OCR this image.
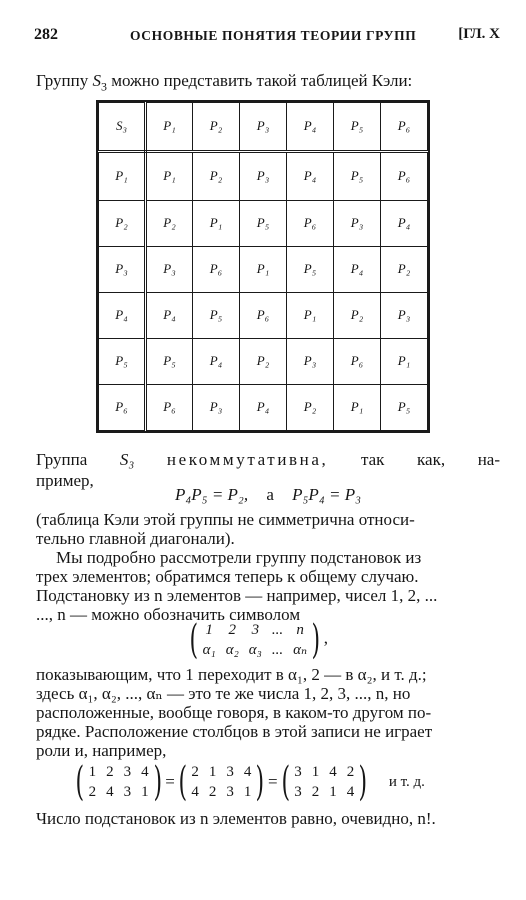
282	ОСНОВНЫЕ ПОНЯТИЯ ТЕОРИИ ГРУПП	[ГЛ. Х
Группу $S_3$ можно представить такой таблицей Кэли:
S₃	P₁	P₂	P₃	P₄	P₅	P₆
P₁	P₁	P₂	P₃	P₄	P₅	P₆
P₂	P₂	P₁	P₅	P₆	P₃	P₄
P₃	P₃	P₆	P₁	P₅	P₄	P₂
P₄	P₄	P₅	P₆	P₁	P₂	P₃
P₅	P₅	P₄	P₂	P₃	P₆	P₁
P₆	P₆	P₃	P₄	P₂	P₁	P₅
Группа S₃ некоммутативна, так как, на-
пример,
P₄P₅ = P₂, а P₅P₄ = P₃
(таблица Кэли этой группы не симметрична относи-
тельно главной диагонали).
Мы подробно рассмотрели группу подстановок из
трех элементов; обратимся теперь к общему случаю.
Подстановку из n элементов — например, чисел 1, 2, ...
..., n — можно обозначить символом
( 1 2 3 ... n
α₁ α₂ α₃ ... αₙ ) ,
показывающим, что 1 переходит в α₁, 2 — в α₂, и т. д.;
здесь α₁, α₂, ..., αₙ — это те же числа 1, 2, 3, ..., n, но
расположенные, вообще говоря, в каком-то другом по-
рядке. Расположение столбцов в этой записи не играет
роли и, например,
( 1 2 3 4
2 4 3 1 ) = ( 2 1 3 4
4 2 3 1 ) = ( 3 1 4 2
3 2 1 4 ) и т. д.
Число подстановок из n элементов равно, очевидно, n!.
